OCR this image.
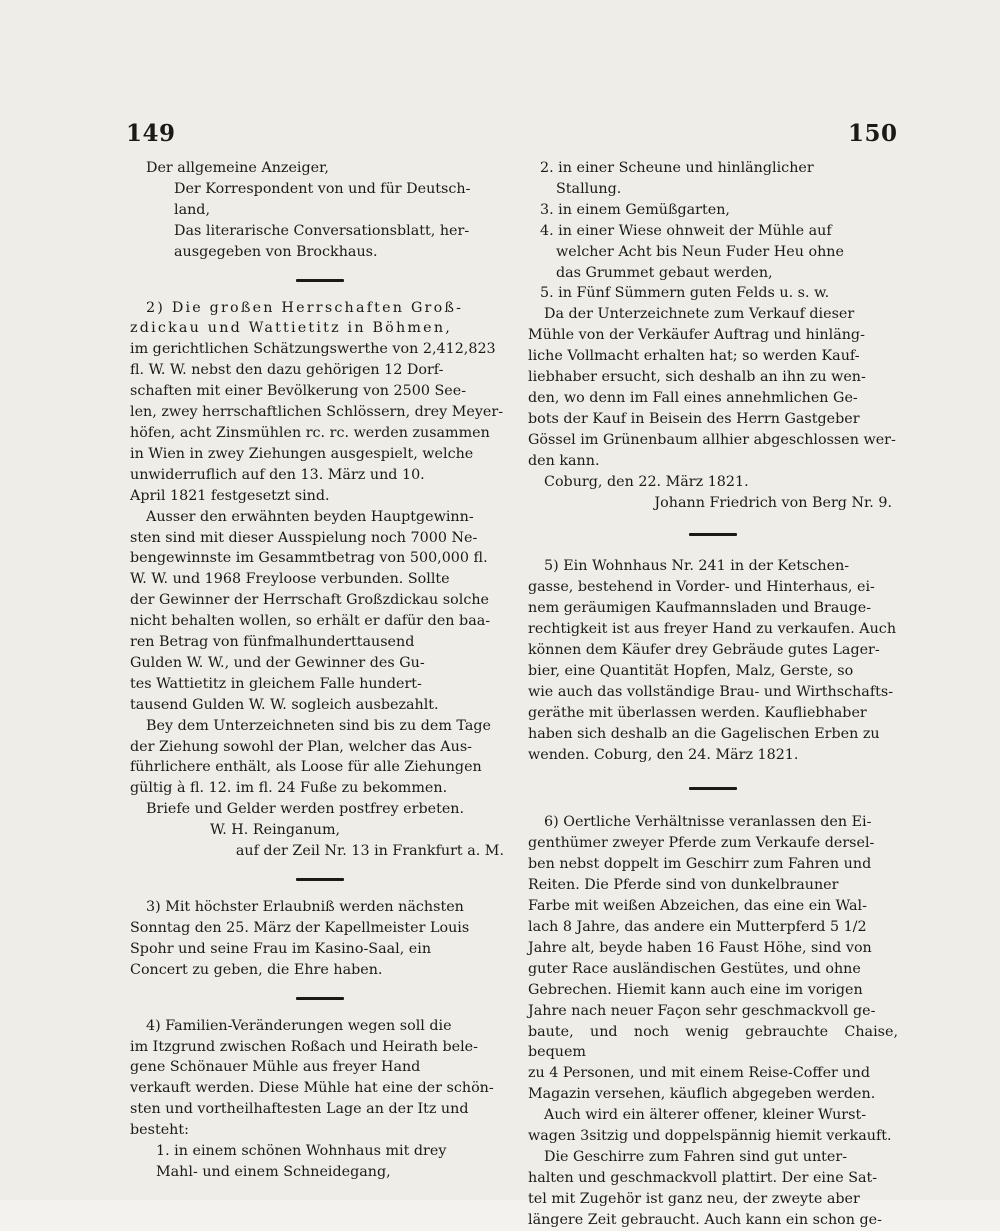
149	150

Der allgemeine Anzeiger,

Der Korrespondent von und für Deutsch-

land,

Das literarische Conversationsblatt, her-

ausgegeben von Brockhaus.

2) Die großen Herrschaften Groß-

zdickau und Wattietitz in Böhmen,

im gerichtlichen Schätzungswerthe von 2,412,823

fl. W. W. nebst den dazu gehörigen 12 Dorf-

schaften mit einer Bevölkerung von 2500 See-

len, zwey herrschaftlichen Schlössern, drey Meyer-

höfen, acht Zinsmühlen rc. rc. werden zusammen

in Wien in zwey Ziehungen ausgespielt, welche

unwiderruflich auf den 13. März und 10.

April 1821 festgesetzt sind.

Ausser den erwähnten beyden Hauptgewinn-

sten sind mit dieser Ausspielung noch 7000 Ne-

bengewinnste im Gesammtbetrag von 500,000 fl.

W. W. und 1968 Freyloose verbunden. Sollte

der Gewinner der Herrschaft Großzdickau solche

nicht behalten wollen, so erhält er dafür den baa-

ren Betrag von fünfmalhunderttausend

Gulden W. W., und der Gewinner des Gu-

tes Wattietitz in gleichem Falle hundert-

tausend Gulden W. W. sogleich ausbezahlt.

Bey dem Unterzeichneten sind bis zu dem Tage

der Ziehung sowohl der Plan, welcher das Aus-

führlichere enthält, als Loose für alle Ziehungen

gültig à fl. 12. im fl. 24 Fuße zu bekommen.

Briefe und Gelder werden postfrey erbeten.

W. H. Reinganum,

auf der Zeil Nr. 13 in Frankfurt a. M.

3) Mit höchster Erlaubniß werden nächsten

Sonntag den 25. März der Kapellmeister Louis

Spohr und seine Frau im Kasino-Saal, ein

Concert zu geben, die Ehre haben.

4) Familien-Veränderungen wegen soll die

im Itzgrund zwischen Roßach und Heirath belе-

gene Schönauer Mühle aus freyer Hand

verkauft werden. Diese Mühle hat eine der schön-

sten und vortheilhaftesten Lage an der Itz und

besteht:

1. in einem schönen Wohnhaus mit drey

Mahl- und einem Schneidegang,

2. in einer Scheune und hinlänglicher

Stallung.

3. in einem Gemüßgarten,

4. in einer Wiese ohnweit der Mühle auf

welcher Acht bis Neun Fuder Heu ohne

das Grummet gebaut werden,

5. in Fünf Sümmern guten Felds u. s. w.

Da der Unterzeichnete zum Verkauf dieser

Mühle von der Verkäufer Auftrag und hinläng-

liche Vollmacht erhalten hat; so werden Kauf-

liebhaber ersucht, sich deshalb an ihn zu wen-

den, wo denn im Fall eines annehmlichen Ge-

bots der Kauf in Beisein des Herrn Gastgeber

Gössel im Grünenbaum allhier abgeschlossen wer-

den kann.

Coburg, den 22. März 1821.

Johann Friedrich von Berg Nr. 9.

5) Ein Wohnhaus Nr. 241 in der Ketschen-

gasse, bestehend in Vorder- und Hinterhaus, ei-

nem geräumigen Kaufmannsladen und Brauge-

rechtigkeit ist aus freyer Hand zu verkaufen. Auch

können dem Käufer drey Gebräude gutes Lager-

bier, eine Quantität Hopfen, Malz, Gerste, so

wie auch das vollständige Brau- und Wirthschafts-

geräthe mit überlassen werden. Kaufliebhaber

haben sich deshalb an die Gagelischen Erben zu

wenden. Coburg, den 24. März 1821.

6) Oertliche Verhältnisse veranlassen den Ei-

genthümer zweyer Pferde zum Verkaufe dersel-

ben nebst doppelt im Geschirr zum Fahren und

Reiten. Die Pferde sind von dunkelbrauner

Farbe mit weißen Abzeichen, das eine ein Wal-

lach 8 Jahre, das andere ein Mutterpferd 5 1/2

Jahre alt, beyde haben 16 Faust Höhe, sind von

guter Race ausländischen Gestütes, und ohne

Gebrechen. Hiemit kann auch eine im vorigen

Jahre nach neuer Façon sehr geschmackvoll ge-

baute, und noch wenig gebrauchte Chaise, bequem

zu 4 Personen, und mit einem Reise-Coffer und

Magazin versehen, käuflich abgegeben werden.

Auch wird ein älterer offener, kleiner Wurst-

wagen 3sitzig und doppelspännig hiemit verkauft.

Die Geschirre zum Fahren sind gut unter-

halten und geschmackvoll plattirt. Der eine Sat-

tel mit Zugehör ist ganz neu, der zweyte aber

längere Zeit gebraucht. Auch kann ein schon ge-
